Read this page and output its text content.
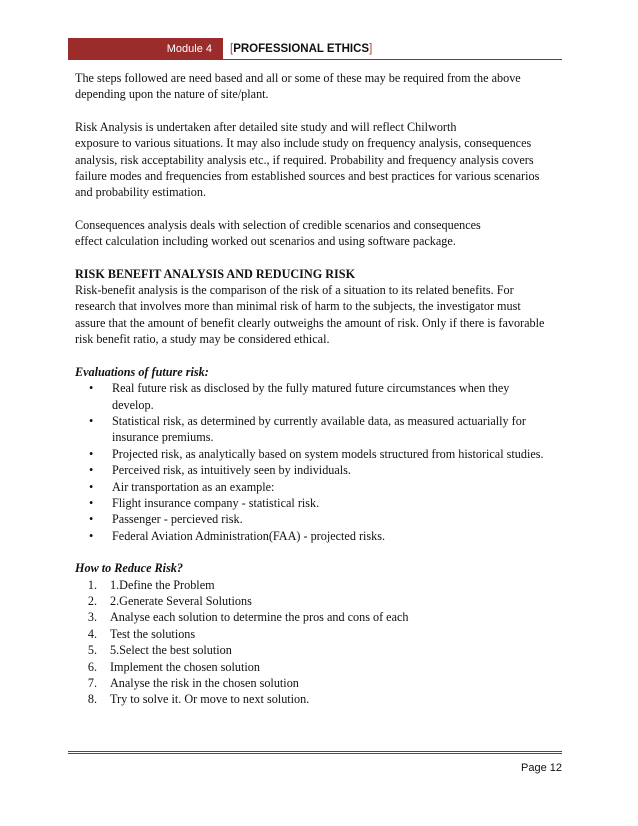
Module 4 [ PROFESSIONAL ETHICS ]

The steps followed are need based and all or some of these may be required from the above
depending upon the nature of site/plant.

Risk Analysis is undertaken after detailed site study and will reflect Chilworth
exposure to various situations. It may also include study on frequency analysis, consequences
analysis, risk acceptability analysis etc., if required. Probability and frequency analysis covers
failure modes and frequencies from established sources and best practices for various scenarios
and probability estimation.

Consequences analysis deals with selection of credible scenarios and consequences
effect calculation including worked out scenarios and using software package.

RISK BENEFIT ANALYSIS AND REDUCING RISK

Risk-benefit analysis is the comparison of the risk of a situation to its related benefits. For
research that involves more than minimal risk of harm to the subjects, the investigator must
assure that the amount of benefit clearly outweighs the amount of risk. Only if there is favorable
risk benefit ratio, a study may be considered ethical.

Evaluations of future risk:

• Real future risk as disclosed by the fully matured future circumstances when they
develop.
• Statistical risk, as determined by currently available data, as measured actuarially for
insurance premiums.
• Projected risk, as analytically based on system models structured from historical studies.
• Perceived risk, as intuitively seen by individuals.
• Air transportation as an example:
• Flight insurance company - statistical risk.
• Passenger - percieved risk.
• Federal Aviation Administration(FAA) - projected risks.

How to Reduce Risk?

1. 1.Define the Problem
2. 2.Generate Several Solutions
3. Analyse each solution to determine the pros and cons of each
4. Test the solutions
5. 5.Select the best solution
6. Implement the chosen solution
7. Analyse the risk in the chosen solution
8. Try to solve it. Or move to next solution.
Page 12
